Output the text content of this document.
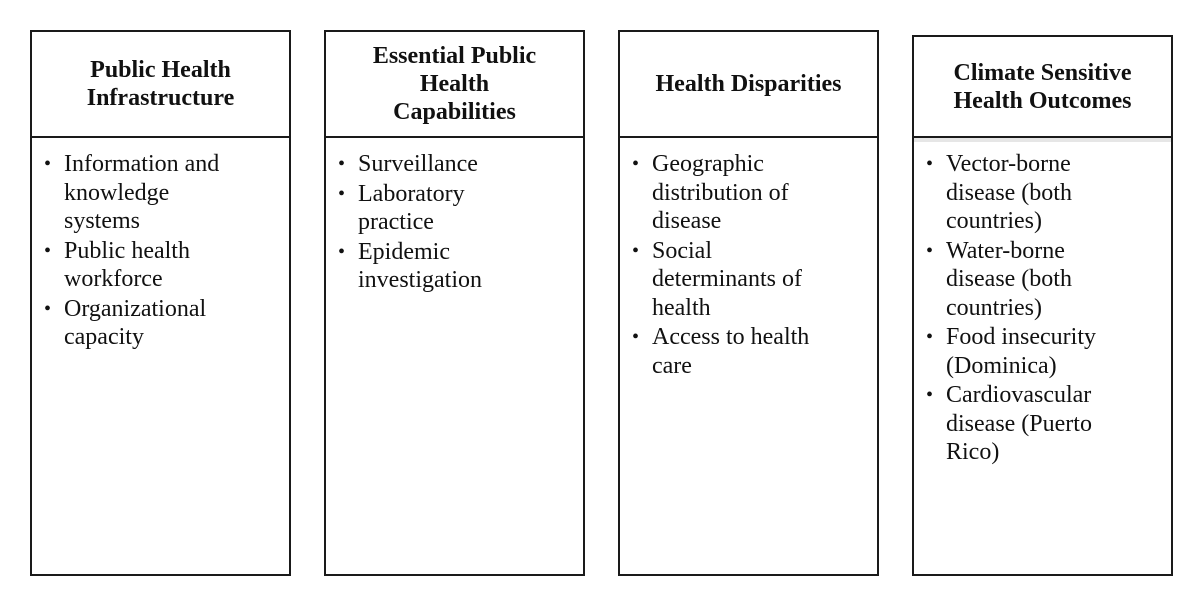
Public Health
Infrastructure
• Information and knowledge systems
• Public health workforce
• Organizational capacity
Essential Public
Health
Capabilities
• Surveillance
• Laboratory practice
• Epidemic investigation
Health Disparities
• Geographic distribution of disease
• Social determinants of health
• Access to health care
Climate Sensitive
Health Outcomes
• Vector-borne disease (both countries)
• Water-borne disease (both countries)
• Food insecurity (Dominica)
• Cardiovascular disease (Puerto Rico)
